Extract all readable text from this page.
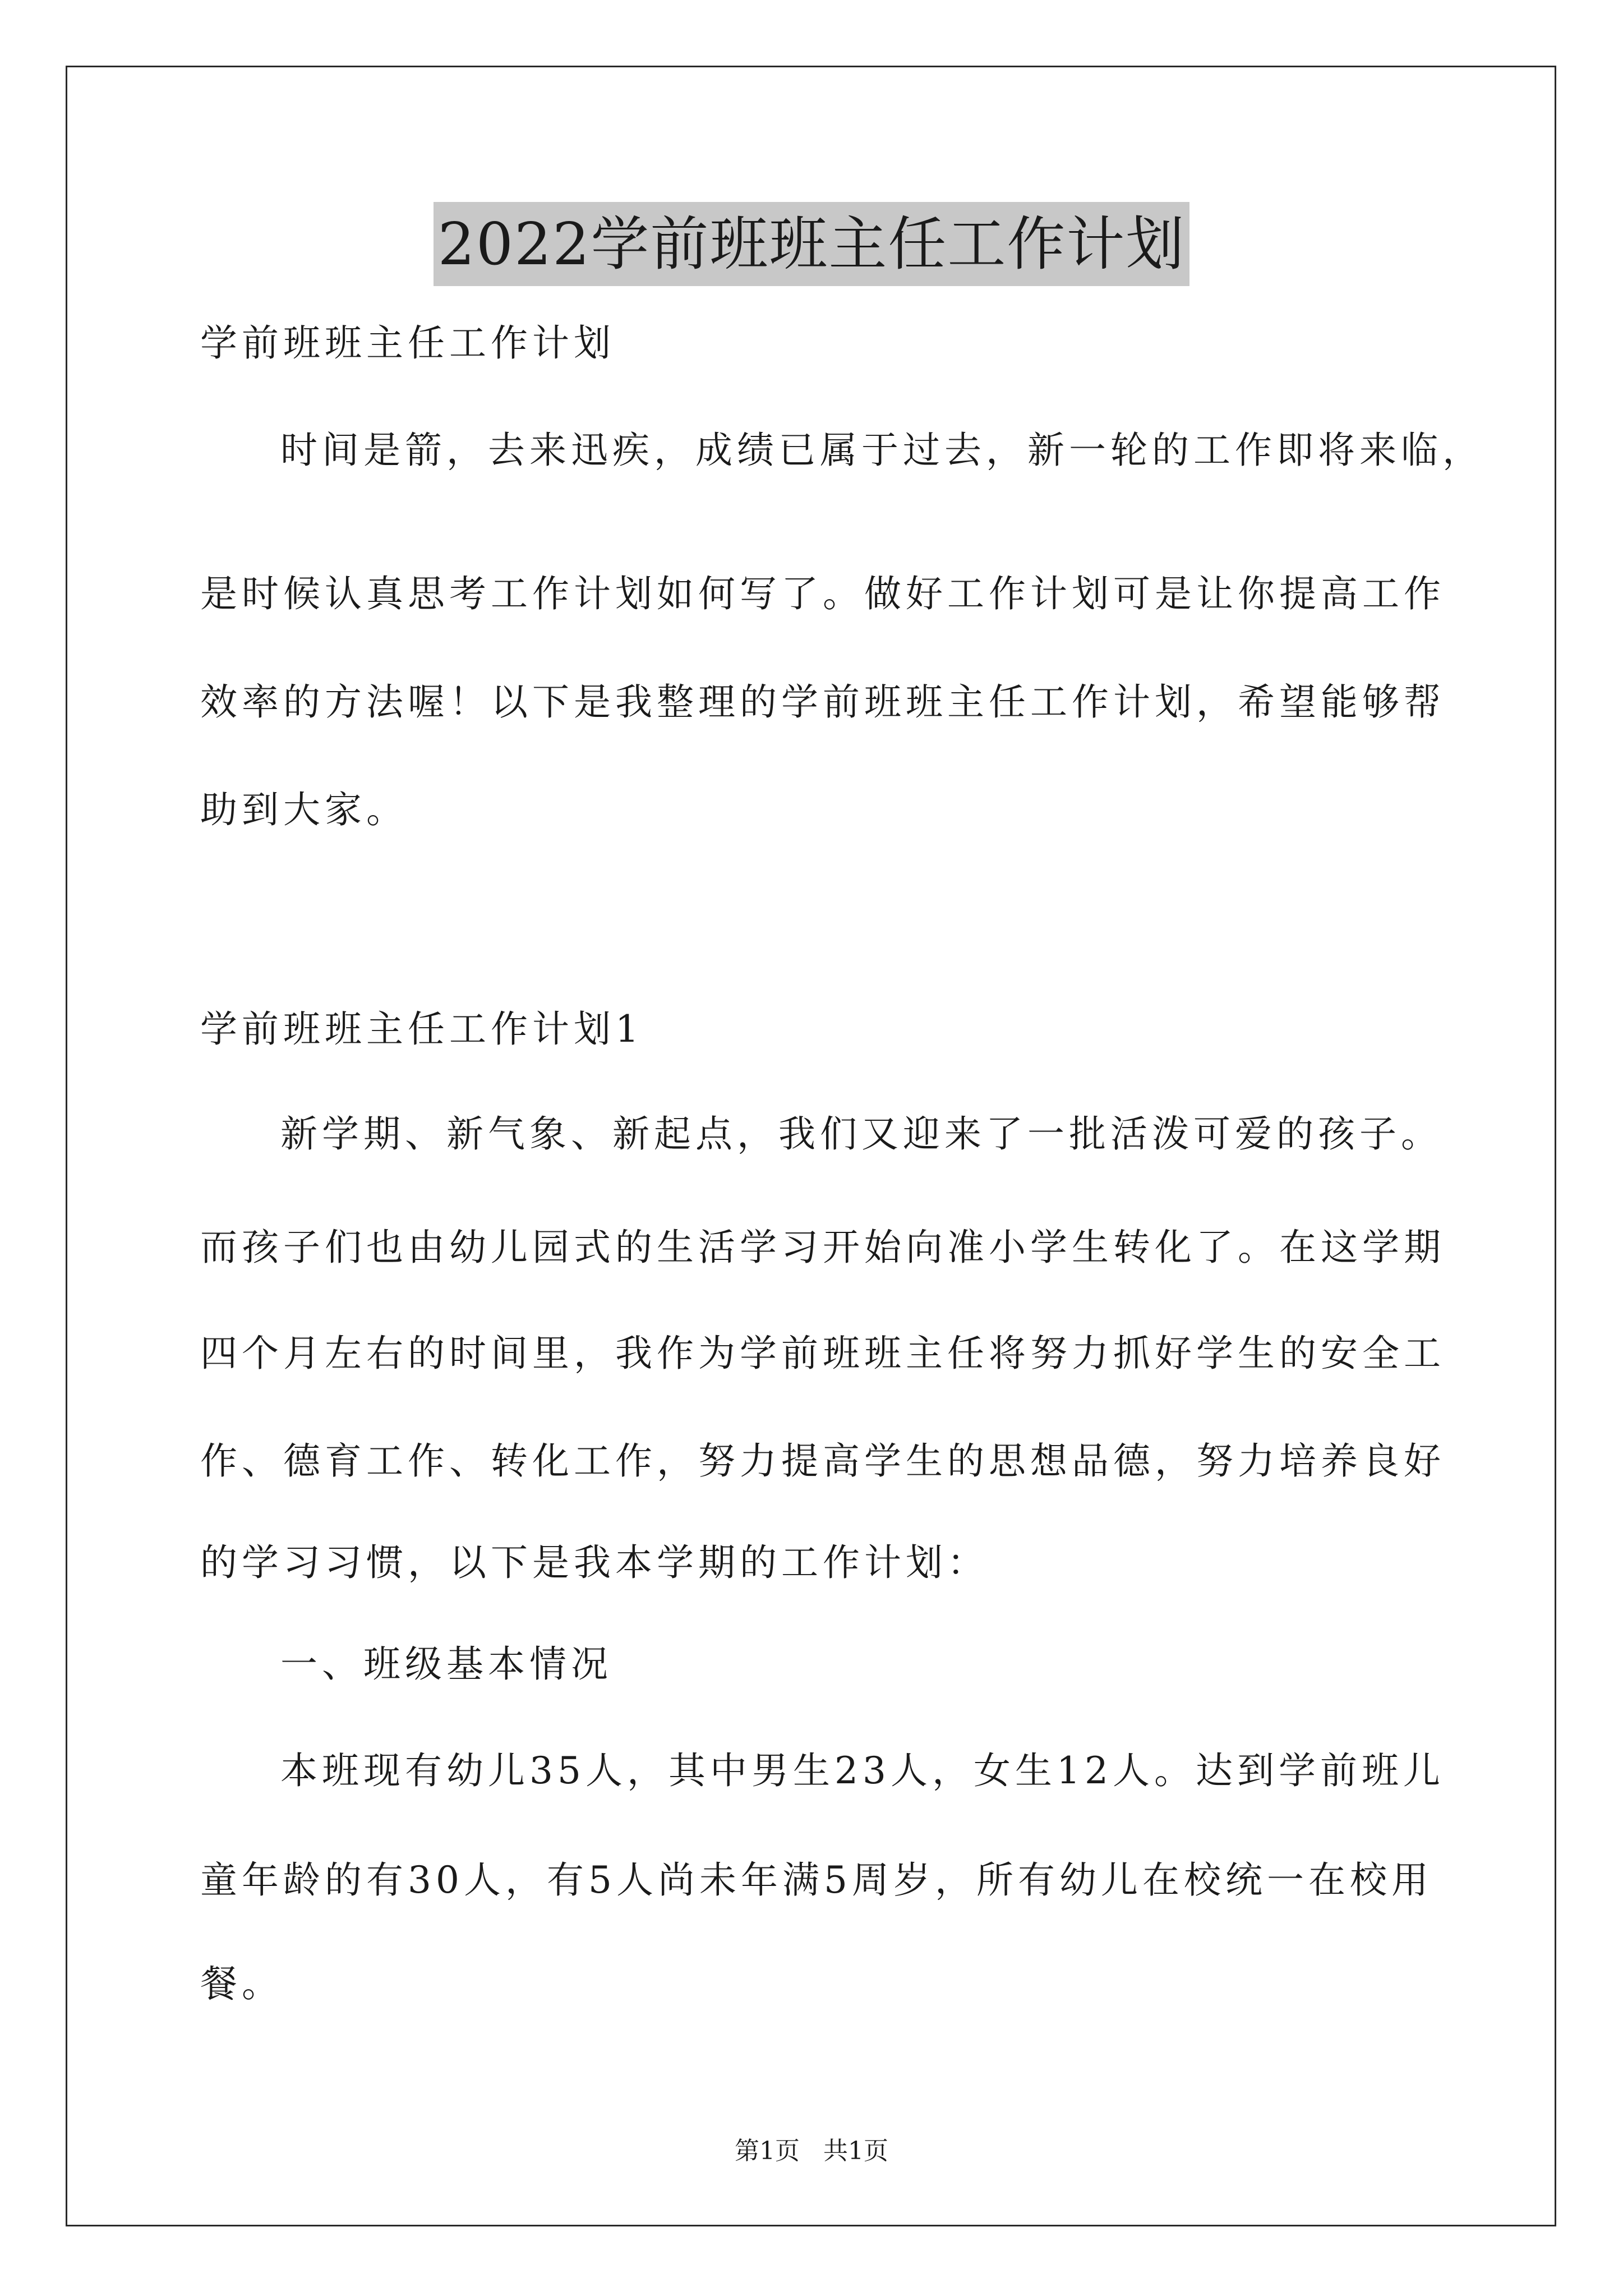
2022学前班班主任工作计划
学前班班主任工作计划
时间是箭，去来迅疾，成绩已属于过去，新一轮的工作即将来临，
是时候认真思考工作计划如何写了。做好工作计划可是让你提高工作
效率的方法喔！以下是我整理的学前班班主任工作计划，希望能够帮
助到大家。
学前班班主任工作计划1
新学期、新气象、新起点，我们又迎来了一批活泼可爱的孩子。
而孩子们也由幼儿园式的生活学习开始向准小学生转化了。在这学期
四个月左右的时间里，我作为学前班班主任将努力抓好学生的安全工
作、德育工作、转化工作，努力提高学生的思想品德，努力培养良好
的学习习惯，以下是我本学期的工作计划：
一、班级基本情况
本班现有幼儿35人，其中男生23人，女生12人。达到学前班儿
童年龄的有30人，有5人尚未年满5周岁，所有幼儿在校统一在校用
餐。
第1页   共1页
